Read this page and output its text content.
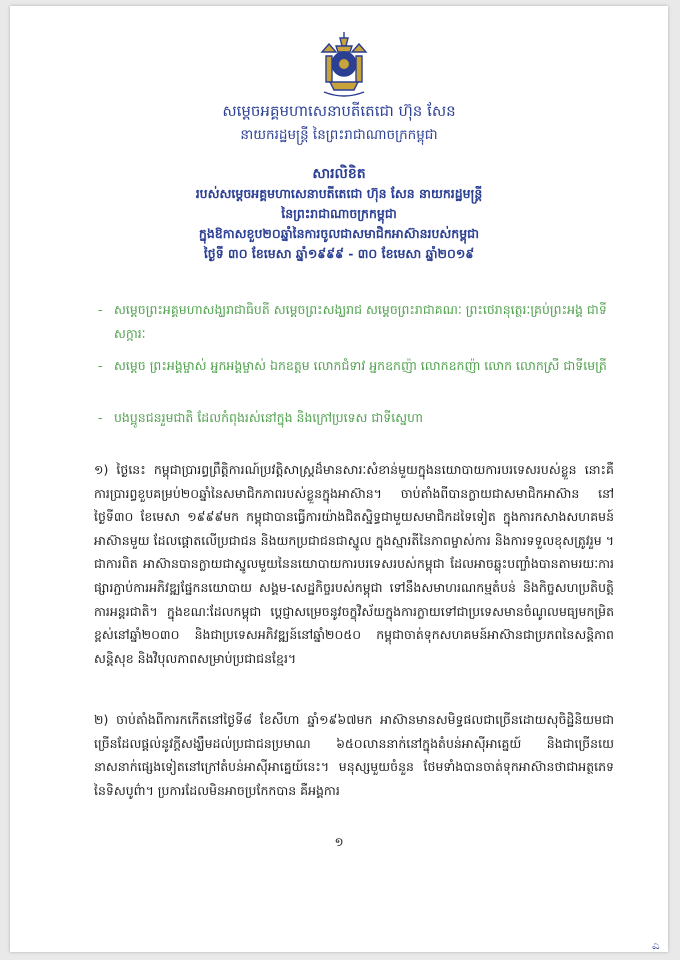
សម្ដេចអគ្គមហាសេនាបតីតេជោ ហ៊ុន សែន
នាយករដ្ឋមន្ត្រី នៃព្រះរាជាណាចក្រកម្ពុជា
សារលិខិត
របស់សម្ដេចអគ្គមហាសេនាបតីតេជោ ហ៊ុន សែន នាយករដ្ឋមន្ត្រី
នៃព្រះរាជាណាចក្រកម្ពុជា
ក្នុងឱកាសខួប២០ឆ្នាំនៃការចូលជាសមាជិកអាស៊ានរបស់កម្ពុជា
ថ្ងៃទី ៣០ ខែមេសា ឆ្នាំ១៩៩៩ - ៣០ ខែមេសា ឆ្នាំ២០១៩
- សម្ដេចព្រះអគ្គមហាសង្ឃរាជាធិបតី សម្ដេចព្រះសង្ឃរាជ សម្ដេចព្រះរាជាគណៈ ព្រះថេរានុត្ថេរៈគ្រប់ព្រះអង្គ ជាទីសក្ការៈ
- សម្ដេច ព្រះអង្គម្ចាស់ អ្នកអង្គម្ចាស់ ឯកឧត្ដម លោកជំទាវ អ្នកឧកញ៉ា លោកឧកញ៉ា លោក លោកស្រី ជាទីមេត្រី
- បងប្អូនជនរួមជាតិ ដែលកំពុងរស់នៅក្នុង និងក្រៅប្រទេស ជាទីស្នេហា
១) ថ្ងៃនេះ កម្ពុជាប្រារព្ធព្រឹត្តិការណ៍ប្រវត្តិសាស្ត្រដ៏មានសារៈសំខាន់មួយក្នុងនយោបាយការបរទេសរបស់ខ្លួន នោះគឺការប្រារព្ធខួបគម្រប់២០ឆ្នាំនៃសមាជិកភាពរបស់ខ្លួនក្នុងអាស៊ាន។ ចាប់តាំងពីបានក្លាយជាសមាជិកអាស៊ាន នៅថ្ងៃទី៣០ ខែមេសា ១៩៩៩មក កម្ពុជាបានធ្វើការយ៉ាងជិតស្និទ្ធជាមួយសមាជិកដទៃទៀត ក្នុងការកសាងសហគមន៍អាស៊ានមួយ ដែលផ្ដោតលើប្រជាជន និងយកប្រជាជនជាស្នូល ក្នុងស្មារតីនៃភាពម្ចាស់ការ និងការទទួលខុសត្រូវរួម ។ ជាការពិត អាស៊ានបានក្លាយជាស្នូលមួយនៃនយោបាយការបរទេសរបស់កម្ពុជា ដែលអាចឆ្លុះបញ្ចាំងបានតាមរយៈការផ្សារភ្ជាប់ការអភិវឌ្ឍផ្នែកនយោបាយ សង្គម-សេដ្ឋកិច្ចរបស់កម្ពុជា ទៅនឹងសមាហរណកម្មតំបន់ និងកិច្ចសហប្រតិបត្តិការអន្តរជាតិ។ ក្នុងខណៈដែលកម្ពុជា ប្ដេជ្ញាសម្រេចនូវចក្ខុវិស័យក្នុងការក្លាយទៅជាប្រទេសមានចំណូលមធ្យមកម្រិតខ្ពស់នៅឆ្នាំ២០៣០ និងជាប្រទេសអភិវឌ្ឍន៍នៅឆ្នាំ២០៥០ កម្ពុជាចាត់ទុកសហគមន៍អាស៊ានជាប្រភពនៃសន្តិភាព សន្តិសុខ និងវិបុលភាពសម្រាប់ប្រជាជនខ្មែរ។
២) ចាប់តាំងពីការកកើតនៅថ្ងៃទី៨ ខែសីហា ឆ្នាំ១៩៦៧មក អាស៊ានមានសមិទ្ធផលជាច្រើនដោយសុចិដ្ឋិនិយមជាច្រើនដែលផ្ដល់នូវក្ដីសង្ឃឹមដល់ប្រជាជនប្រមាណ ៦៥០លាននាក់នៅក្នុងតំបន់អាស៊ីអាគ្នេយ៍ និងជាច្រើនយេនាសនាក់ផ្សេងទៀតនៅក្រៅតំបន់អាស៊ីអាគ្នេយ៍នេះ។ មនុស្សមួយចំនួន ថែមទាំងបានចាត់ទុកអាស៊ានថាជាអត្ថភេទនៃទិសបូព៌ា។ ប្រការដែលមិនអាចប្រកែកបាន គឺអង្គការ
១
ಎ
